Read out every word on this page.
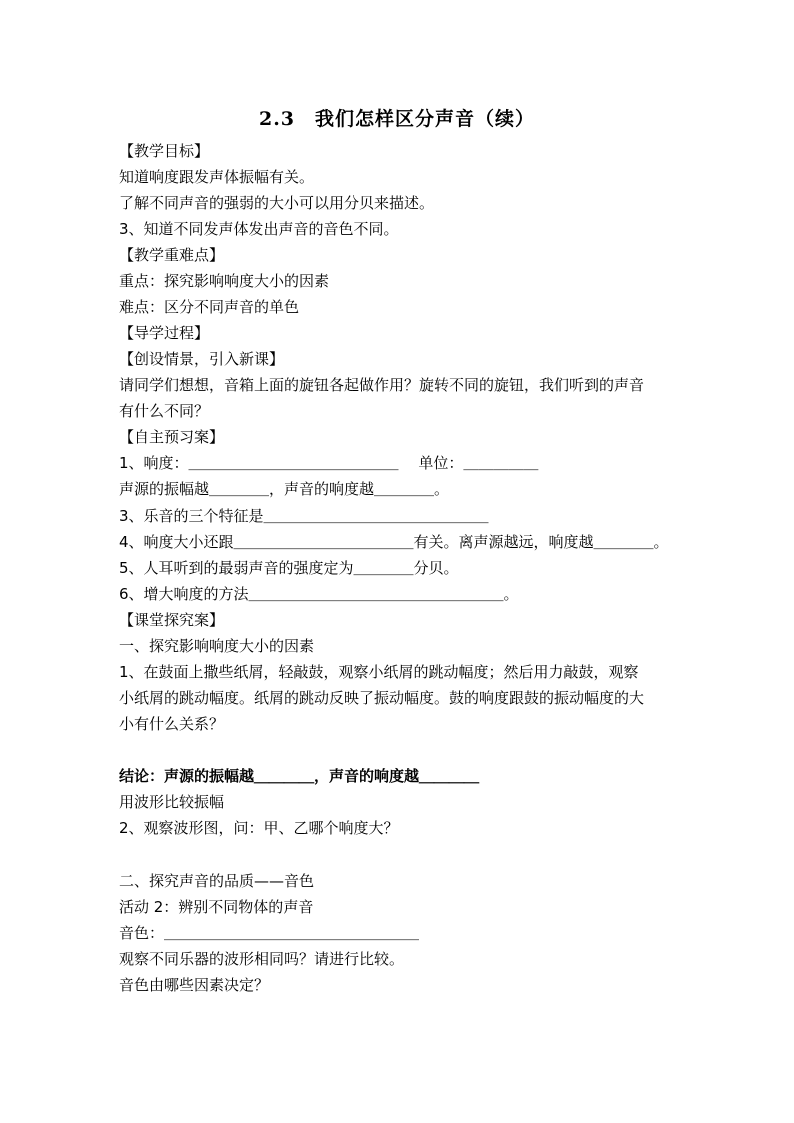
2.3　我们怎样区分声音（续）
【教学目标】
知道响度跟发声体振幅有关。
了解不同声音的强弱的大小可以用分贝来描述。
3、知道不同发声体发出声音的音色不同。
【教学重难点】
重点：探究影响响度大小的因素
难点：区分不同声音的单色
【导学过程】
【创设情景，引入新课】
请同学们想想，音箱上面的旋钮各起做作用？旋转不同的旋钮，我们听到的声音
有什么不同？
【自主预习案】
1、响度：＿＿＿＿＿＿＿＿＿＿＿＿＿＿　 单位：＿＿＿＿＿
声源的振幅越＿＿＿＿，声音的响度越＿＿＿＿。
3、乐音的三个特征是＿＿＿＿＿＿＿＿＿＿＿＿＿＿＿
4、响度大小还跟＿＿＿＿＿＿＿＿＿＿＿＿有关。离声源越远，响度越＿＿＿＿。
5、人耳听到的最弱声音的强度定为＿＿＿＿分贝。
6、增大响度的方法＿＿＿＿＿＿＿＿＿＿＿＿＿＿＿＿＿。
【课堂探究案】
一、探究影响响度大小的因素
1、在鼓面上撒些纸屑，轻敲鼓，观察小纸屑的跳动幅度；然后用力敲鼓，观察
小纸屑的跳动幅度。纸屑的跳动反映了振动幅度。鼓的响度跟鼓的振动幅度的大
小有什么关系？
结论：声源的振幅越＿＿＿＿，声音的响度越＿＿＿＿
用波形比较振幅
2、观察波形图，问：甲、乙哪个响度大？
二、探究声音的品质——音色
活动 2：辨别不同物体的声音
音色：＿＿＿＿＿＿＿＿＿＿＿＿＿＿＿＿＿
观察不同乐器的波形相同吗？请进行比较。
音色由哪些因素决定？
